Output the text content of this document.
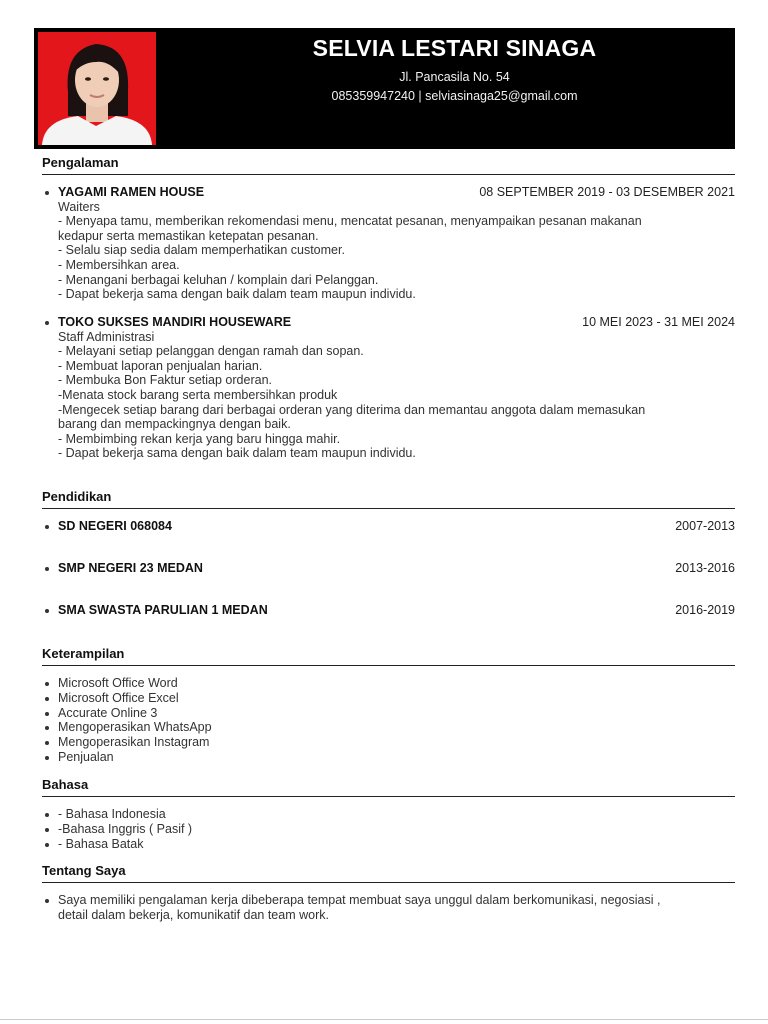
SELVIA LESTARI SINAGA
Jl. Pancasila No. 54
085359947240 | selviasinaga25@gmail.com
Pengalaman
YAGAMI RAMEN HOUSE	08 SEPTEMBER 2019 - 03 DESEMBER 2021
Waiters
- Menyapa tamu, memberikan rekomendasi menu, mencatat pesanan, menyampaikan pesanan makanan
kedapur serta memastikan ketepatan pesanan.
- Selalu siap sedia dalam memperhatikan customer.
- Membersihkan area.
- Menangani berbagai keluhan / komplain dari Pelanggan.
- Dapat bekerja sama dengan baik dalam team maupun individu.
TOKO SUKSES MANDIRI HOUSEWARE	10 MEI 2023 - 31 MEI 2024
Staff Administrasi
- Melayani setiap pelanggan dengan ramah dan sopan.
- Membuat laporan penjualan harian.
- Membuka Bon Faktur setiap orderan.
-Menata stock barang serta membersihkan produk
-Mengecek setiap barang dari berbagai orderan yang diterima dan memantau anggota dalam memasukan
barang dan mempackingnya dengan baik.
- Membimbing rekan kerja yang baru hingga mahir.
- Dapat bekerja sama dengan baik dalam team maupun individu.
Pendidikan
SD NEGERI 068084	2007-2013
SMP NEGERI 23 MEDAN	2013-2016
SMA SWASTA PARULIAN 1 MEDAN	2016-2019
Keterampilan
Microsoft Office Word
Microsoft Office Excel
Accurate Online 3
Mengoperasikan WhatsApp
Mengoperasikan Instagram
Penjualan
Bahasa
- Bahasa Indonesia
-Bahasa Inggris ( Pasif )
- Bahasa Batak
Tentang Saya
Saya memiliki pengalaman kerja dibeberapa tempat membuat saya unggul dalam berkomunikasi, negosiasi ,
detail dalam bekerja, komunikatif dan team work.
